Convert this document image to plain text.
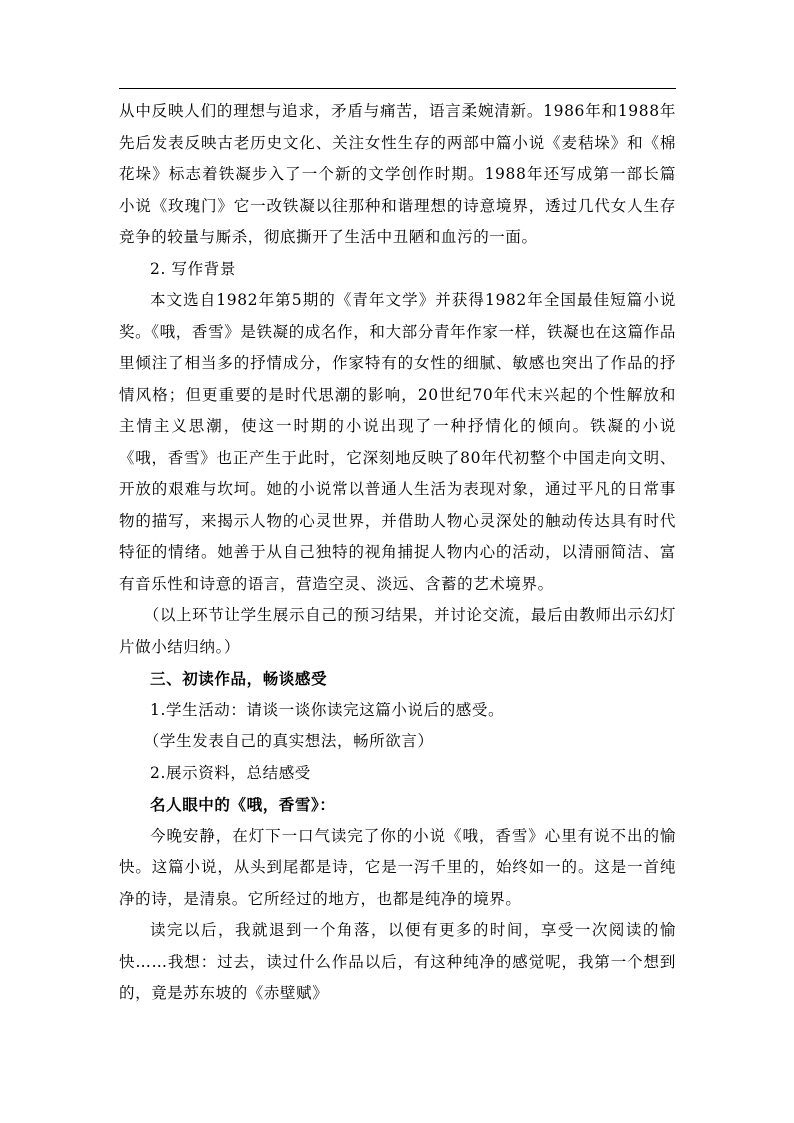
从中反映人们的理想与追求，矛盾与痛苦，语言柔婉清新。1986年和1988年先后发表反映古老历史文化、关注女性生存的两部中篇小说《麦秸垛》和《棉花垛》标志着铁凝步入了一个新的文学创作时期。1988年还写成第一部长篇小说《玫瑰门》它一改铁凝以往那种和谐理想的诗意境界，透过几代女人生存竞争的较量与厮杀，彻底撕开了生活中丑陋和血污的一面。

2. 写作背景

本文选自1982年第5期的《青年文学》并获得1982年全国最佳短篇小说奖。《哦，香雪》是铁凝的成名作，和大部分青年作家一样，铁凝也在这篇作品里倾注了相当多的抒情成分，作家特有的女性的细腻、敏感也突出了作品的抒情风格；但更重要的是时代思潮的影响，20世纪70年代末兴起的个性解放和主情主义思潮，使这一时期的小说出现了一种抒情化的倾向。铁凝的小说《哦，香雪》也正产生于此时，它深刻地反映了80年代初整个中国走向文明、开放的艰难与坎坷。她的小说常以普通人生活为表现对象，通过平凡的日常事物的描写，来揭示人物的心灵世界，并借助人物心灵深处的触动传达具有时代特征的情绪。她善于从自己独特的视角捕捉人物内心的活动，以清丽简洁、富有音乐性和诗意的语言，营造空灵、淡远、含蓄的艺术境界。

（以上环节让学生展示自己的预习结果，并讨论交流，最后由教师出示幻灯片做小结归纳。）

三、初读作品，畅谈感受

1.学生活动：请谈一谈你读完这篇小说后的感受。

（学生发表自己的真实想法，畅所欲言）

2.展示资料，总结感受

名人眼中的《哦，香雪》：

今晚安静，在灯下一口气读完了你的小说《哦，香雪》心里有说不出的愉快。这篇小说，从头到尾都是诗，它是一泻千里的，始终如一的。这是一首纯净的诗，是清泉。它所经过的地方，也都是纯净的境界。

读完以后，我就退到一个角落，以便有更多的时间，享受一次阅读的愉快……我想：过去，读过什么作品以后，有这种纯净的感觉呢，我第一个想到的，竟是苏东坡的《赤壁赋》
